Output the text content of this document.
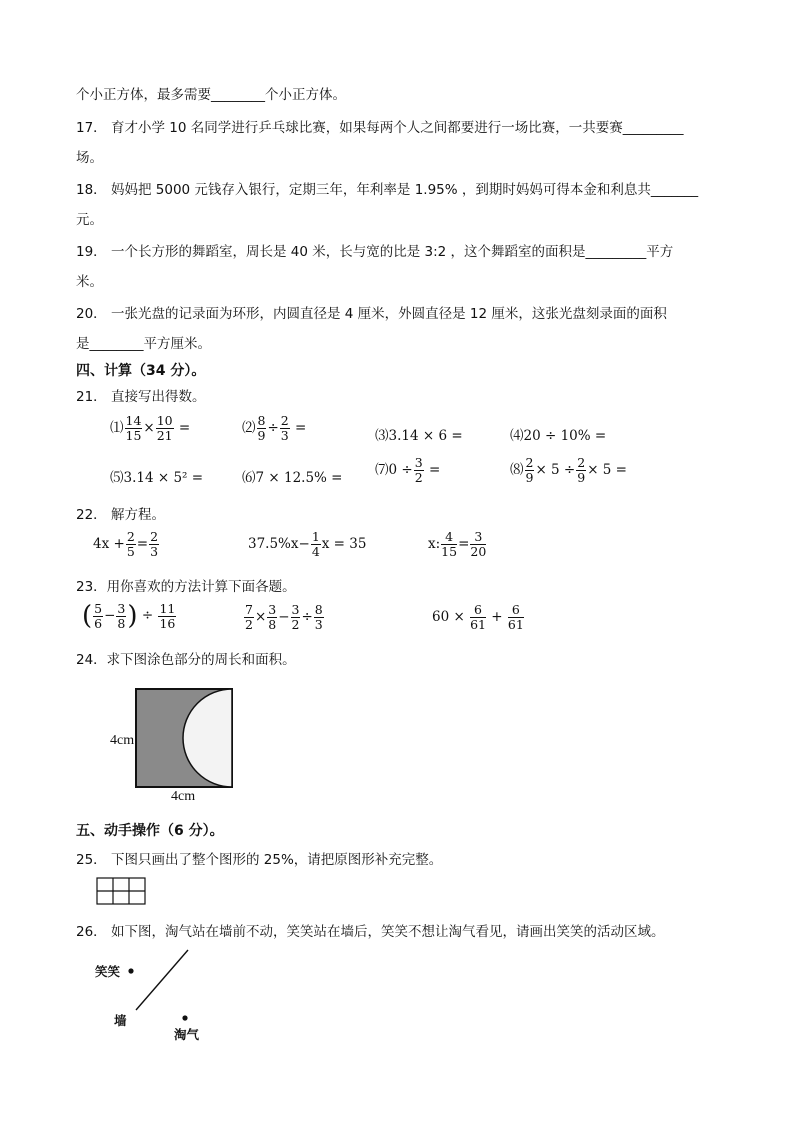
个小正方体，最多需要________个小正方体。
17． 育才小学 10 名同学进行乒乓球比赛，如果每两个人之间都要进行一场比赛，一共要赛_________
场。
18． 妈妈把 5000 元钱存入银行，定期三年，年利率是 1.95% ，到期时妈妈可得本金和利息共_______
元。
19． 一个长方形的舞蹈室，周长是 40 米，长与宽的比是 3:2 ，这个舞蹈室的面积是_________平方
米。
20． 一张光盘的记录面为环形，内圆直径是 4 厘米，外圆直径是 12 厘米，这张光盘刻录面的面积
是________平方厘米。
四、计算（34 分）。
21． 直接写出得数。
⑴ $\frac{14}{15} \times \frac{10}{21}$ =	⑵ $\frac{8}{9} \div \frac{2}{3}$ =	⑶3.14 × 6 =	⑷20 ÷ 10% =
⑸3.14 × 5² =	⑹7 × 12.5% = ⑺0 ÷ $\frac{3}{2}$ =	⑻ $\frac{2}{9} \times 5 \div \frac{2}{9} \times 5$ =
22． 解方程。
$4x + \frac{2}{5} = \frac{2}{3}$	$37.5\%x- \frac{1}{4}$ x = 35	x: $\frac{4}{15} = \frac{3}{20}$
23．用你喜欢的方法计算下面各题。
( $\frac{5}{6} - \frac{3}{8}$ ) ÷ $\frac{11}{16}$	$\frac{7}{2} \times \frac{3}{8} - \frac{3}{2} \div \frac{8}{3}$	$60 \times \frac{6}{61} + \frac{6}{61}$
24．求下图涂色部分的周长和面积。
4cm
4cm
五、动手操作（6 分）。
25． 下图只画出了整个图形的 25%，请把原图形补充完整。
26． 如下图，淘气站在墙前不动，笑笑站在墙后，笑笑不想让淘气看见，请画出笑笑的活动区域。
笑笑
墙
淘气
